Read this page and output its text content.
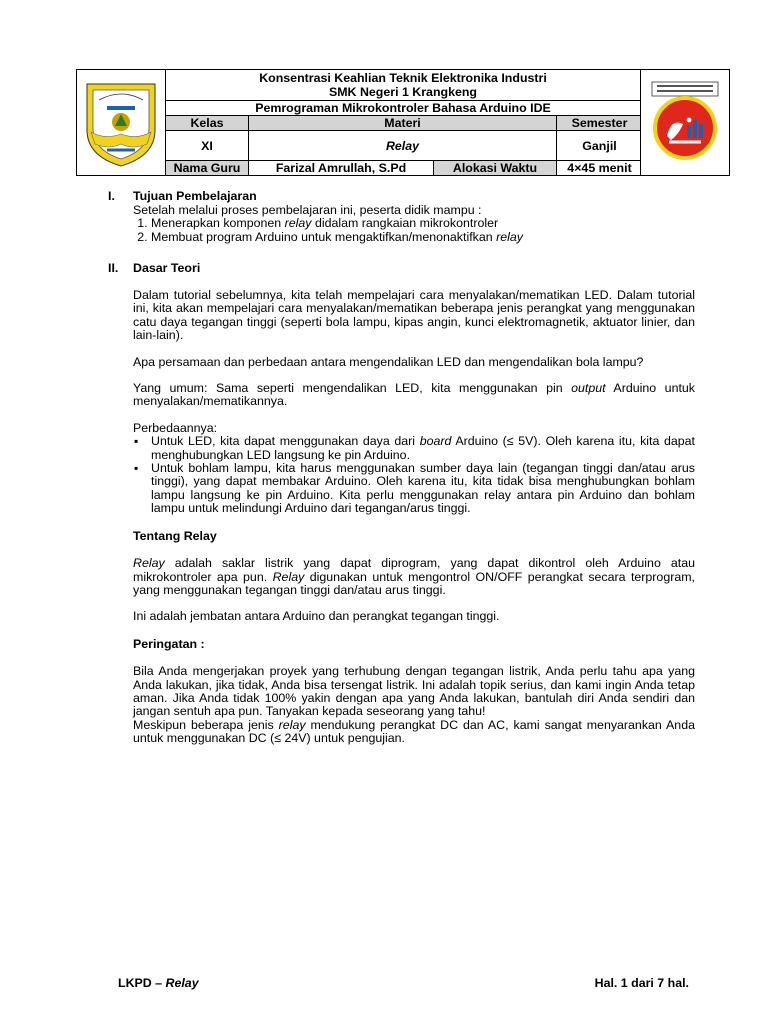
Konsentrasi Keahlian Teknik Elektronika Industri
SMK Negeri 1 Krangkeng
Pemrograman Mikrokontroler Bahasa Arduino IDE
Kelas	Materi	Semester
XI	Relay	Ganjil
Nama Guru	Farizal Amrullah, S.Pd	Alokasi Waktu	4×45 menit
I. Tujuan Pembelajaran

Setelah melalui proses pembelajaran ini, peserta didik mampu :

1. Menerapkan komponen relay didalam rangkaian mikrokontroler
2. Membuat program Arduino untuk mengaktifkan/menonaktifkan relay
II. Dasar Teori

Dalam tutorial sebelumnya, kita telah mempelajari cara menyalakan/mematikan LED. Dalam tutorial ini, kita akan mempelajari cara menyalakan/mematikan beberapa jenis perangkat yang menggunakan catu daya tegangan tinggi (seperti bola lampu, kipas angin, kunci elektromagnetik, aktuator linier, dan lain-lain).

Apa persamaan dan perbedaan antara mengendalikan LED dan mengendalikan bola lampu?

Yang umum: Sama seperti mengendalikan LED, kita menggunakan pin output Arduino untuk menyalakan/mematikannya.

Perbedaannya:

▪ Untuk LED, kita dapat menggunakan daya dari board Arduino (≤ 5V). Oleh karena itu, kita dapat menghubungkan LED langsung ke pin Arduino.
▪ Untuk bohlam lampu, kita harus menggunakan sumber daya lain (tegangan tinggi dan/atau arus tinggi), yang dapat membakar Arduino. Oleh karena itu, kita tidak bisa menghubungkan bohlam lampu langsung ke pin Arduino. Kita perlu menggunakan relay antara pin Arduino dan bohlam lampu untuk melindungi Arduino dari tegangan/arus tinggi.

Tentang Relay

Relay adalah saklar listrik yang dapat diprogram, yang dapat dikontrol oleh Arduino atau mikrokontroler apa pun. Relay digunakan untuk mengontrol ON/OFF perangkat secara terprogram, yang menggunakan tegangan tinggi dan/atau arus tinggi.

Ini adalah jembatan antara Arduino dan perangkat tegangan tinggi.

Peringatan :

Bila Anda mengerjakan proyek yang terhubung dengan tegangan listrik, Anda perlu tahu apa yang Anda lakukan, jika tidak, Anda bisa tersengat listrik. Ini adalah topik serius, dan kami ingin Anda tetap aman. Jika Anda tidak 100% yakin dengan apa yang Anda lakukan, bantulah diri Anda sendiri dan jangan sentuh apa pun. Tanyakan kepada seseorang yang tahu!

Meskipun beberapa jenis relay mendukung perangkat DC dan AC, kami sangat menyarankan Anda untuk menggunakan DC (≤ 24V) untuk pengujian.

LKPD – Relay	Hal. 1 dari 7 hal.
